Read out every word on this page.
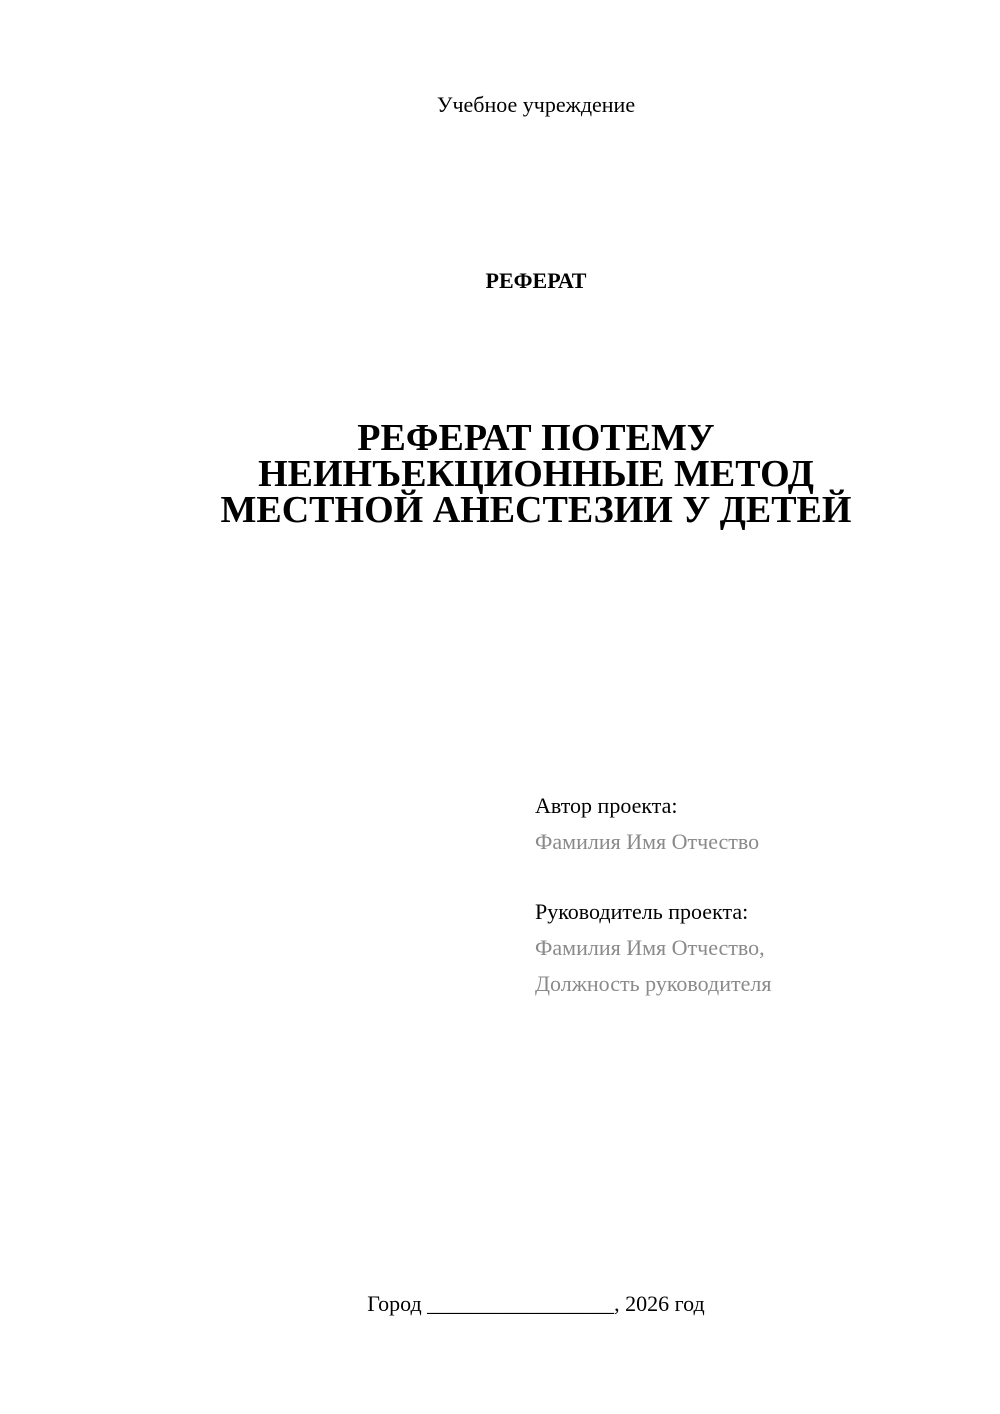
Учебное учреждение
РЕФЕРАТ
РЕФЕРАТ ПОТЕМУ
НЕИНЪЕКЦИОННЫЕ МЕТОД
МЕСТНОЙ АНЕСТЕЗИИ У ДЕТЕЙ
Автор проекта:
Фамилия Имя Отчество
Руководитель проекта:
Фамилия Имя Отчество,
Должность руководителя
Город _________________, 2026 год
